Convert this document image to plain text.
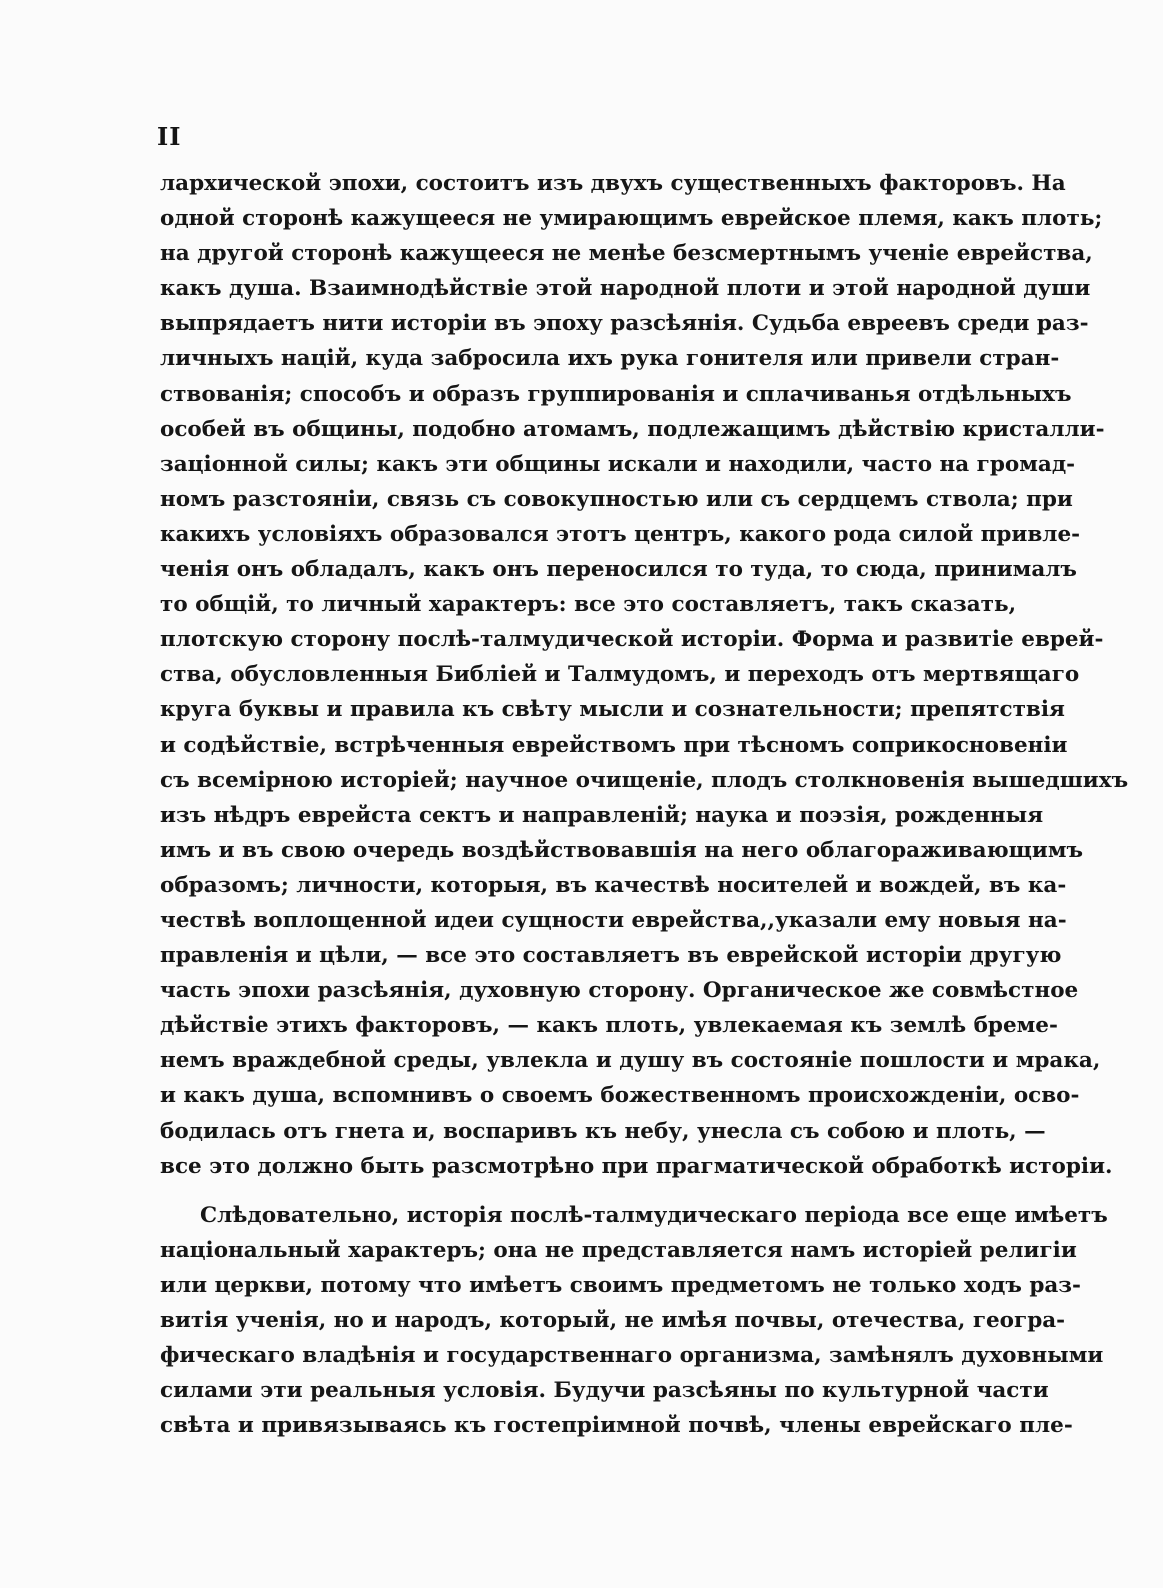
II
лархической эпохи, состоитъ изъ двухъ существенныхъ факторовъ. На
одной сторонѣ кажущееся не умирающимъ еврейское племя, какъ плоть;
на другой сторонѣ кажущееся не менѣе безсмертнымъ ученіе еврейства,
какъ душа. Взаимнодѣйствіе этой народной плоти и этой народной души
выпрядаетъ нити исторіи въ эпоху разсѣянія. Судьба евреевъ среди раз-
личныхъ націй, куда забросила ихъ рука гонителя или привели стран-
ствованія; способъ и образъ группированія и сплачиванья отдѣльныхъ
особей въ общины, подобно атомамъ, подлежащимъ дѣйствію кристалли-
заціонной силы; какъ эти общины искали и находили, часто на громад-
номъ разстояніи, связь съ совокупностью или съ сердцемъ ствола; при
какихъ условіяхъ образовался этотъ центръ, какого рода силой привле-
ченія онъ обладалъ, какъ онъ переносился то туда, то сюда, принималъ
то общій, то личный характеръ: все это составляетъ, такъ сказать,
плотскую сторону послѣ-талмудической исторіи. Форма и развитіе еврей-
ства, обусловленныя Библіей и Талмудомъ, и переходъ отъ мертвящаго
круга буквы и правила къ свѣту мысли и сознательности; препятствія
и содѣйствіе, встрѣченныя еврействомъ при тѣсномъ соприкосновеніи
съ всемірною исторіей; научное очищеніе, плодъ столкновенія вышедшихъ
изъ нѣдръ еврейста сектъ и направленій; наука и поэзія, рожденныя
имъ и въ свою очередь воздѣйствовавшія на него облагораживающимъ
образомъ; личности, которыя, въ качествѣ носителей и вождей, въ ка-
чествѣ воплощенной идеи сущности еврейства,,указали ему новыя на-
правленія и цѣли, — все это составляетъ въ еврейской исторіи другую
часть эпохи разсѣянія, духовную сторону. Органическое же совмѣстное
дѣйствіе этихъ факторовъ, — какъ плоть, увлекаемая къ землѣ бреме-
немъ враждебной среды, увлекла и душу въ состояніе пошлости и мрака,
и какъ душа, вспомнивъ о своемъ божественномъ происхожденіи, осво-
бодилась отъ гнета и, воспаривъ къ небу, унесла съ собою и плоть, —
все это должно быть разсмотрѣно при прагматической обработкѣ исторіи.
Слѣдовательно, исторія послѣ-талмудическаго періода все еще имѣетъ
національный характеръ; она не представляется намъ исторіей религіи
или церкви, потому что имѣетъ своимъ предметомъ не только ходъ раз-
витія ученія, но и народъ, который, не имѣя почвы, отечества, геогра-
фическаго владѣнія и государственнаго организма, замѣнялъ духовными
силами эти реальныя условія. Будучи разсѣяны по культурной части
свѣта и привязываясь къ гостепріимной почвѣ, члены еврейскаго пле-
